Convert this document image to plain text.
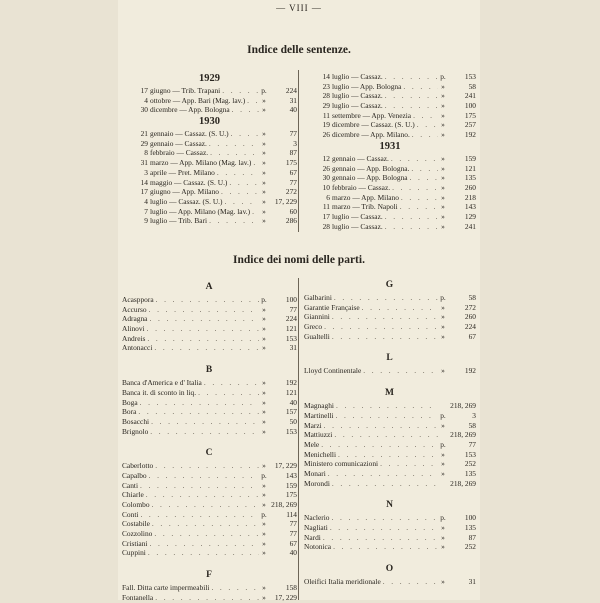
— VIII —
Indice delle sentenze.
1929
17 giugno — Trib. Trapani . . .	p.	224
4 ottobre — App. Bari (Mag. lav.) . . .	»	31
30 dicembre — App. Bologna . . .	»	40
1930
21 gennaio — Cassaz. (S. U.) . . .	»	77
29 gennaio — Cassaz. . . .	»	3
8 febbraio — Cassaz. . . .	»	87
31 marzo — App. Milano (Mag. lav.) . . .	»	175
3 aprile — Pret. Milano . . .	»	67
14 maggio — Cassaz. (S. U.) . . .	»	77
17 giugno — App. Milano . . .	»	272
4 luglio — Cassaz. (S. U.) . . .	»	17, 229
7 luglio — App. Milano (Mag. lav.) . . .	»	60
9 luglio — Trib. Bari . . .	»	286
14 luglio — Cassaz. . . .	p.	153
23 luglio — App. Bologna . . .	»	58
28 luglio — Cassaz. . . .	»	241
29 luglio — Cassaz. . . .	»	100
11 settembre — App. Venezia . . .	»	175
19 dicembre — Cassaz. (S. U.) . . .	»	257
26 dicembre — App. Milano. . . .	»	192
1931
12 gennaio — Cassaz. . . .	»	159
26 gennaio — App. Bologna. . . .	»	121
30 gennaio — App. Bologna . . .	»	135
10 febbraio — Cassaz. . . .	»	260
6 marzo — App. Milano . . .	»	218
11 marzo — Trib. Napoli . . .	»	143
17 luglio — Cassaz. . . .	»	129
28 luglio — Cassaz. . . .	»	241
Indice dei nomi delle parti.
A
Acasppora . . .	p.	100
Accurso . . .	»	77
Adragna . . .	»	224
Alinovi . . .	»	121
Andreis . . .	»	153
Antonacci . . .	»	31
B
Banca d'America e d' Italia . . .	»	192
Banca it. di sconto in liq. . . .	»	121
Boga . . .	»	40
Bora . . .	»	157
Bosacchi . . .	»	50
Brignolo . . .	»	153
C
Caberlotto . . .	»	17, 229
Capalbo . . .	p.	143
Canti . . .	»	159
Chiarle . . .	»	175
Colombo . . .	» 218, 269
Conti . . .	p.	114
Costabile . . .	»	77
Cozzolino . . .	»	77
Cristiani . . .	»	67
Cuppini . . .	»	40
F
Fall. Ditta carte impermeabili . . .	»	158
Fontanella . . .	»	17, 229
G
Galbarini . . .	p.	58
Garantie Française . . .	»	272
Giannini . . .	»	260
Greco . . .	»	224
Gualtelli . . .	»	67
L
Lloyd Continentale . . .	»	192
M
Magnaghi . . .	218, 269
Martinelli . . .	p.	3
Marzi . . .	»	58
Mattiuzzi . . .	218, 269
Mele . . .	p.	77
Menichelli . . .	»	153
Ministero comunicazioni . . .	»	252
Monari . . .	»	135
Morondi . . .	218, 269
N
Naclerio . . .	p.	100
Nagliati . . .	»	135
Nardi . . .	»	87
Notonica . . .	»	252
O
Oleifici Italia meridionale . . .	»	31
